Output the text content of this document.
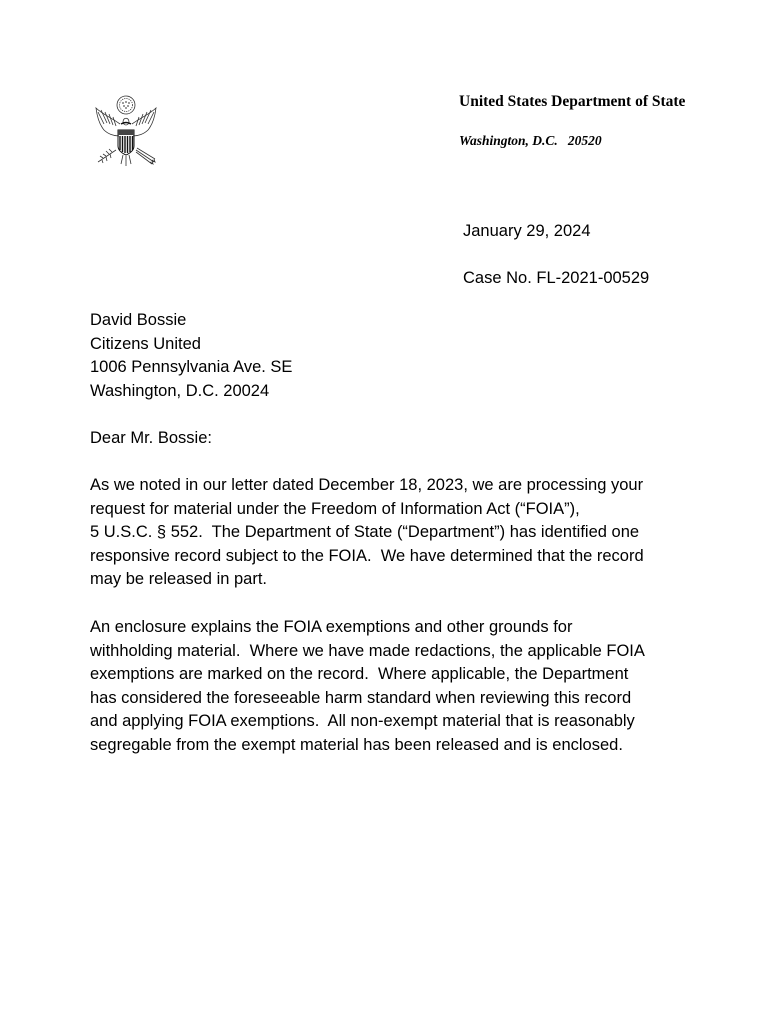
United States Department of State
Washington, D.C.   20520
January 29, 2024
Case No. FL-2021-00529
David Bossie
Citizens United
1006 Pennsylvania Ave. SE
Washington, D.C. 20024
Dear Mr. Bossie:
As we noted in our letter dated December 18, 2023, we are processing your
request for material under the Freedom of Information Act (“FOIA”),
5 U.S.C. § 552.  The Department of State (“Department”) has identified one
responsive record subject to the FOIA.  We have determined that the record
may be released in part.
An enclosure explains the FOIA exemptions and other grounds for
withholding material.  Where we have made redactions, the applicable FOIA
exemptions are marked on the record.  Where applicable, the Department
has considered the foreseeable harm standard when reviewing this record
and applying FOIA exemptions.  All non-exempt material that is reasonably
segregable from the exempt material has been released and is enclosed.
